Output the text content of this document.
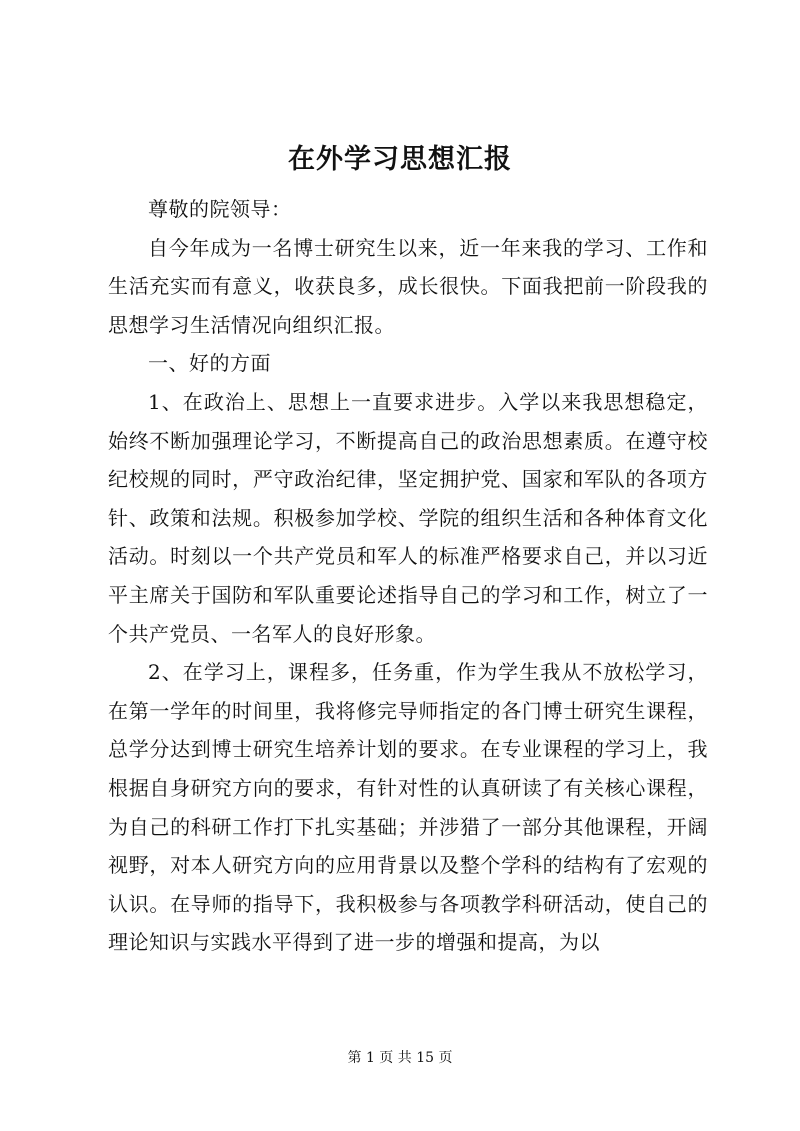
在外学习思想汇报

尊敬的院领导：

自今年成为一名博士研究生以来，近一年来我的学习、工作和生活充实而有意义，收获良多，成长很快。下面我把前一阶段我的思想学习生活情况向组织汇报。

一、好的方面

1、在政治上、思想上一直要求进步。入学以来我思想稳定，始终不断加强理论学习，不断提高自己的政治思想素质。在遵守校纪校规的同时，严守政治纪律，坚定拥护党、国家和军队的各项方针、政策和法规。积极参加学校、学院的组织生活和各种体育文化活动。时刻以一个共产党员和军人的标准严格要求自己，并以习近平主席关于国防和军队重要论述指导自己的学习和工作，树立了一个共产党员、一名军人的良好形象。

2、在学习上，课程多，任务重，作为学生我从不放松学习，在第一学年的时间里，我将修完导师指定的各门博士研究生课程，总学分达到博士研究生培养计划的要求。在专业课程的学习上，我根据自身研究方向的要求，有针对性的认真研读了有关核心课程，为自己的科研工作打下扎实基础；并涉猎了一部分其他课程，开阔视野，对本人研究方向的应用背景以及整个学科的结构有了宏观的认识。在导师的指导下，我积极参与各项教学科研活动，使自己的理论知识与实践水平得到了进一步的增强和提高，为以

第 1 页 共 15 页
